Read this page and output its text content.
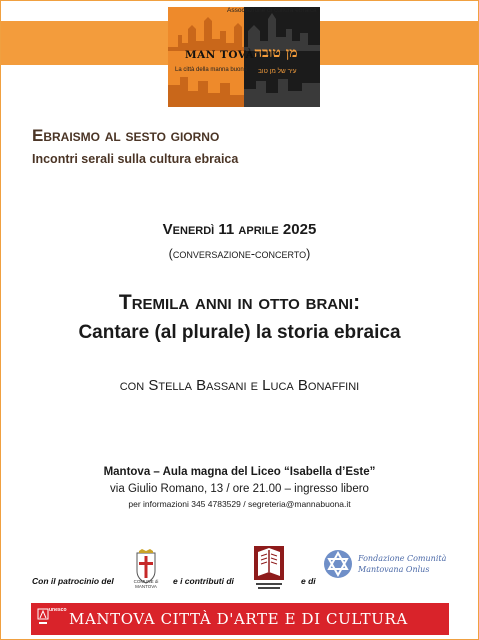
Associazione di cultura ebraica
MAN TOVÀ מן טובה
La città della manna buona עיר של מן טוב
Ebraismo al sesto giorno
Incontri serali sulla cultura ebraica
Venerdì 11 aprile 2025
(conversazione-concerto)
Tremila anni in otto brani:
Cantare (al plurale) la storia ebraica
con Stella Bassani e Luca Bonaffini
Mantova – Aula magna del Liceo “Isabella d’Este”
via Giulio Romano, 13 / ore 21.00 – ingresso libero
per informazioni 345 4783529 / segreteria@mannabuona.it
Con il patrocinio del	COMUNE di MANTOVA
e i contributi di	e di
Fondazione Comunità
Mantovana Onlus
unesco MANTOVA CITTÀ D'ARTE E DI CULTURA
